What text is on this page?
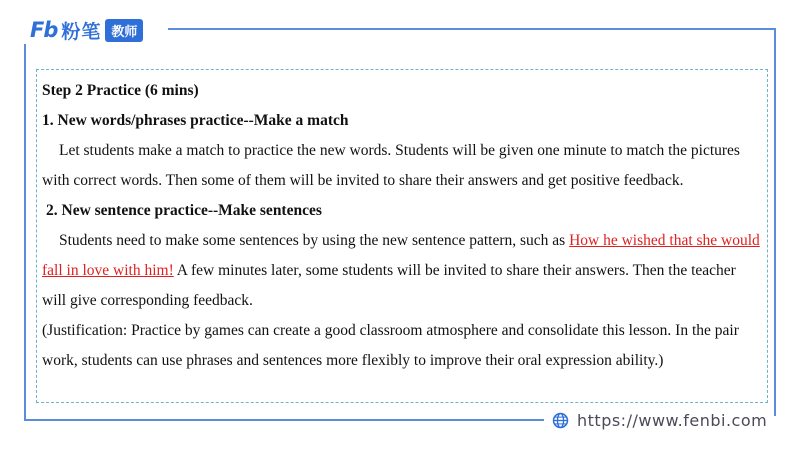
Fb 粉笔 教师

Step 2 Practice (6 mins)

1. New words/phrases practice--Make a match

Let students make a match to practice the new words. Students will be given one minute to match the pictures with correct words. Then some of them will be invited to share their answers and get positive feedback.

2. New sentence practice--Make sentences

Students need to make some sentences by using the new sentence pattern, such as How he wished that she would fall in love with him! A few minutes later, some students will be invited to share their answers. Then the teacher will give corresponding feedback.

(Justification: Practice by games can create a good classroom atmosphere and consolidate this lesson. In the pair work, students can use phrases and sentences more flexibly to improve their oral expression ability.)

https://www.fenbi.com
